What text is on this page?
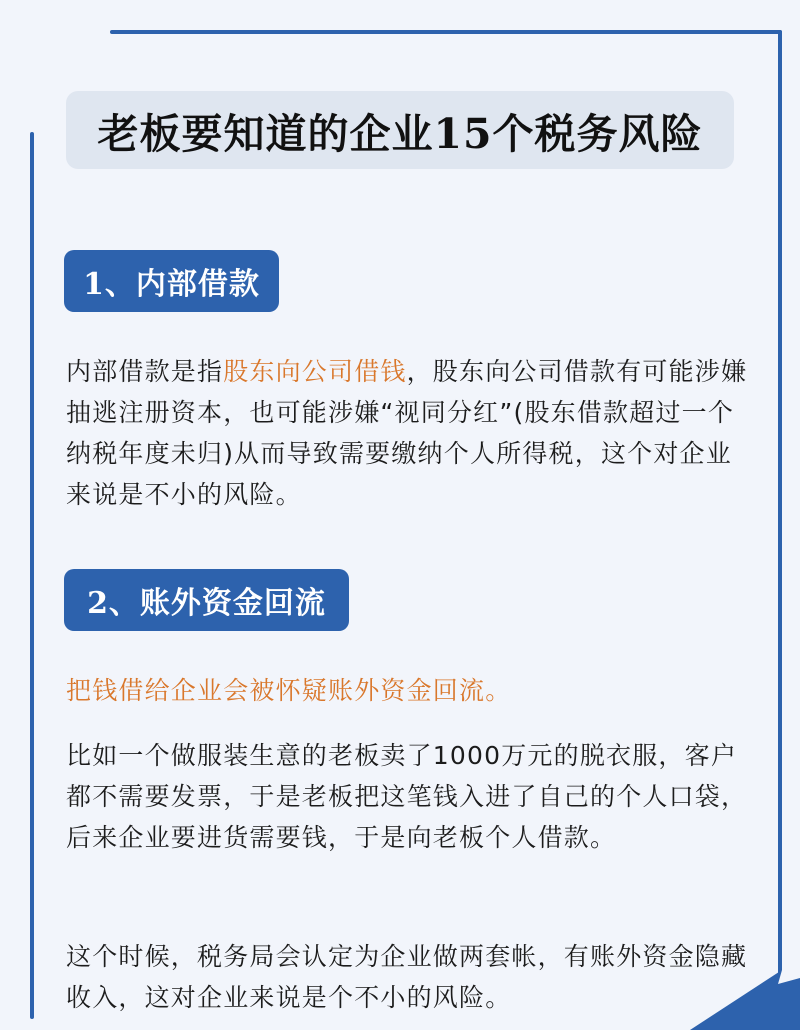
老板要知道的企业15个税务风险
1、内部借款

内部借款是指股东向公司借钱，股东向公司借款有可能涉嫌抽逃注册资本，也可能涉嫌“视同分红”(股东借款超过一个纳税年度未归)从而导致需要缴纳个人所得税，这个对企业来说是不小的风险。

2、账外资金回流

把钱借给企业会被怀疑账外资金回流。

比如一个做服装生意的老板卖了1000万元的脱衣服，客户都不需要发票，于是老板把这笔钱入进了自己的个人口袋，后来企业要进货需要钱，于是向老板个人借款。

这个时候，税务局会认定为企业做两套帐，有账外资金隐藏收入，这对企业来说是个不小的风险。
